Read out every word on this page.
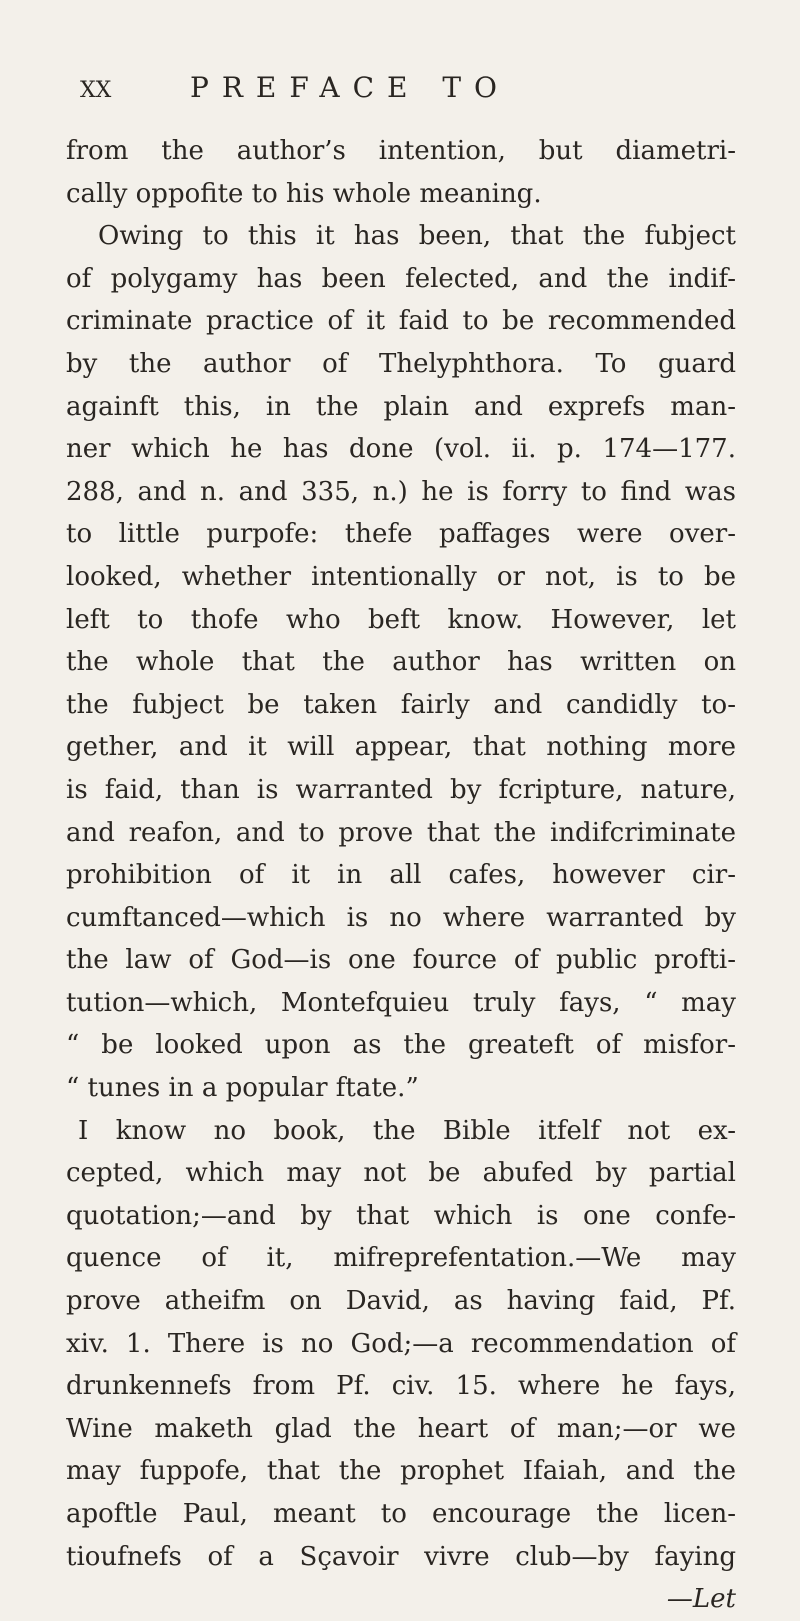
XX	PREFACE TO
from the author’s intention, but diametri-
cally oppofite to his whole meaning.
Owing to this it has been, that the fubject
of polygamy has been felected, and the indif-
criminate practice of it faid to be recommended
by the author of Thelyphthora. To guard
againft this, in the plain and exprefs man-
ner which he has done (vol. ii. p. 174—177.
288, and n. and 335, n.) he is forry to find was
to little purpofe: thefe paffages were over-
looked, whether intentionally or not, is to be
left to thofe who beft know. However, let
the whole that the author has written on
the fubject be taken fairly and candidly to-
gether, and it will appear, that nothing more
is faid, than is warranted by fcripture, nature,
and reafon, and to prove that the indifcriminate
prohibition of it in all cafes, however cir-
cumftanced—which is no where warranted by
the law of God—is one fource of public profti-
tution—which, Montefquieu truly fays, “ may
“ be looked upon as the greateft of misfor-
“ tunes in a popular ftate.”
I know no book, the Bible itfelf not ex-
cepted, which may not be abufed by partial
quotation;—and by that which is one confe-
quence of it, mifreprefentation.—We may
prove atheifm on David, as having faid, Pf.
xiv. 1. There is no God;—a recommendation of
drunkennefs from Pf. civ. 15. where he fays,
Wine maketh glad the heart of man;—or we
may fuppofe, that the prophet Ifaiah, and the
apoftle Paul, meant to encourage the licen-
tioufnefs of a Sçavoir vivre club—by faying
—Let
